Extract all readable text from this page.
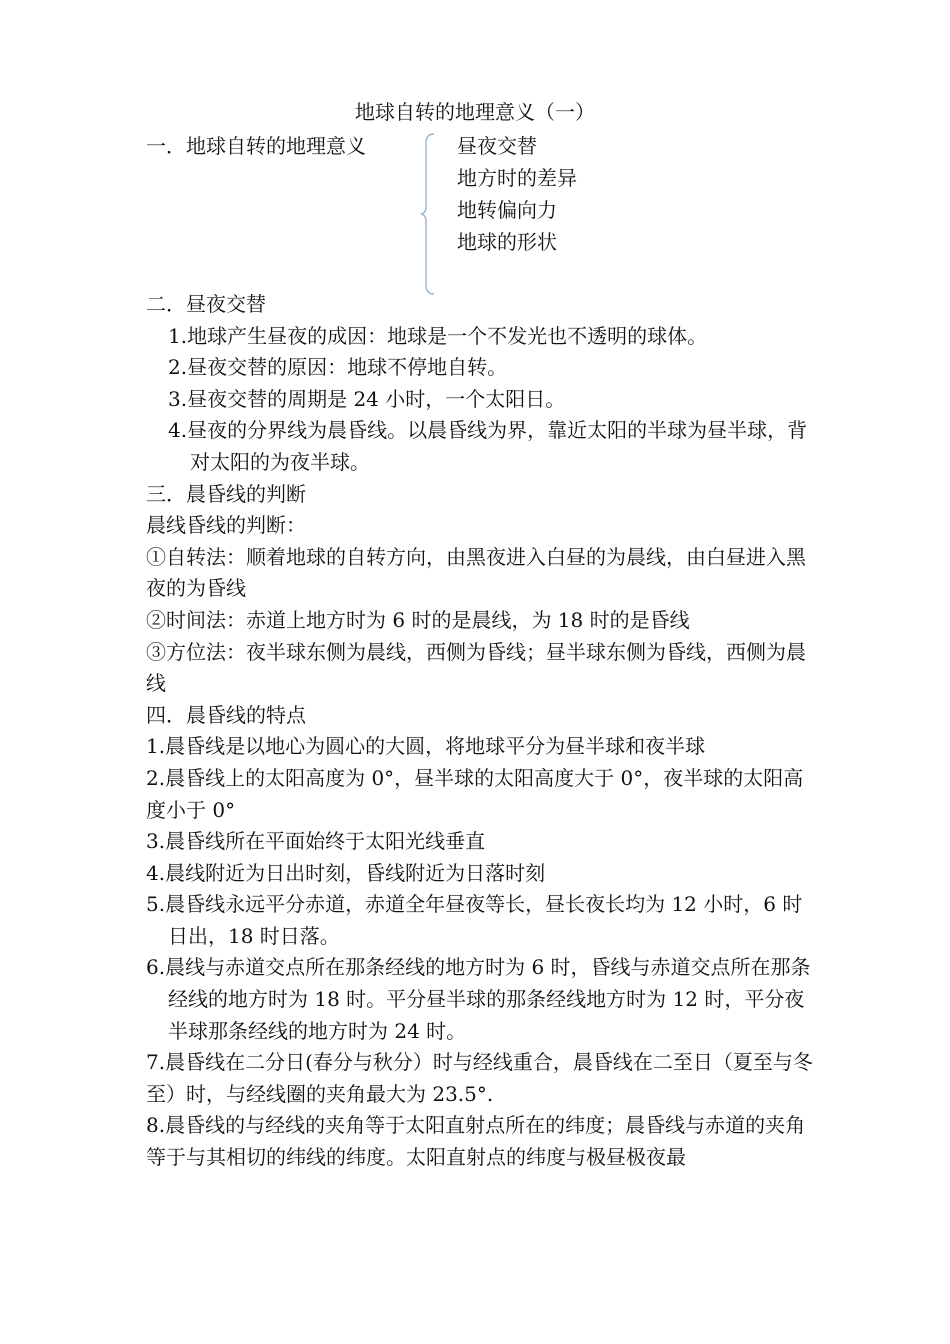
地球自转的地理意义（一）
一．地球自转的地理意义	昼夜交替
地方时的差异
地转偏向力
地球的形状

二．昼夜交替

1.地球产生昼夜的成因：地球是一个不发光也不透明的球体。

2.昼夜交替的原因：地球不停地自转。

3.昼夜交替的周期是 24 小时，一个太阳日。

4.昼夜的分界线为晨昏线。以晨昏线为界，靠近太阳的半球为昼半球，背对太阳的为夜半球。

三．晨昏线的判断

晨线昏线的判断：

①自转法：顺着地球的自转方向，由黑夜进入白昼的为晨线，由白昼进入黑夜的为昏线

②时间法：赤道上地方时为 6 时的是晨线，为 18 时的是昏线

③方位法：夜半球东侧为晨线，西侧为昏线；昼半球东侧为昏线，西侧为晨线

四．晨昏线的特点

1.晨昏线是以地心为圆心的大圆，将地球平分为昼半球和夜半球

2.晨昏线上的太阳高度为 0°，昼半球的太阳高度大于 0°，夜半球的太阳高度小于 0°

3.晨昏线所在平面始终于太阳光线垂直

4.晨线附近为日出时刻，昏线附近为日落时刻

5.晨昏线永远平分赤道，赤道全年昼夜等长，昼长夜长均为 12 小时，6 时日出，18 时日落。

6.晨线与赤道交点所在那条经线的地方时为 6 时，昏线与赤道交点所在那条经线的地方时为 18 时。平分昼半球的那条经线地方时为 12 时，平分夜半球那条经线的地方时为 24 时。

7.晨昏线在二分日(春分与秋分）时与经线重合，晨昏线在二至日（夏至与冬至）时，与经线圈的夹角最大为 23.5°.

8.晨昏线的与经线的夹角等于太阳直射点所在的纬度；晨昏线与赤道的夹角等于与其相切的纬线的纬度。太阳直射点的纬度与极昼极夜最
